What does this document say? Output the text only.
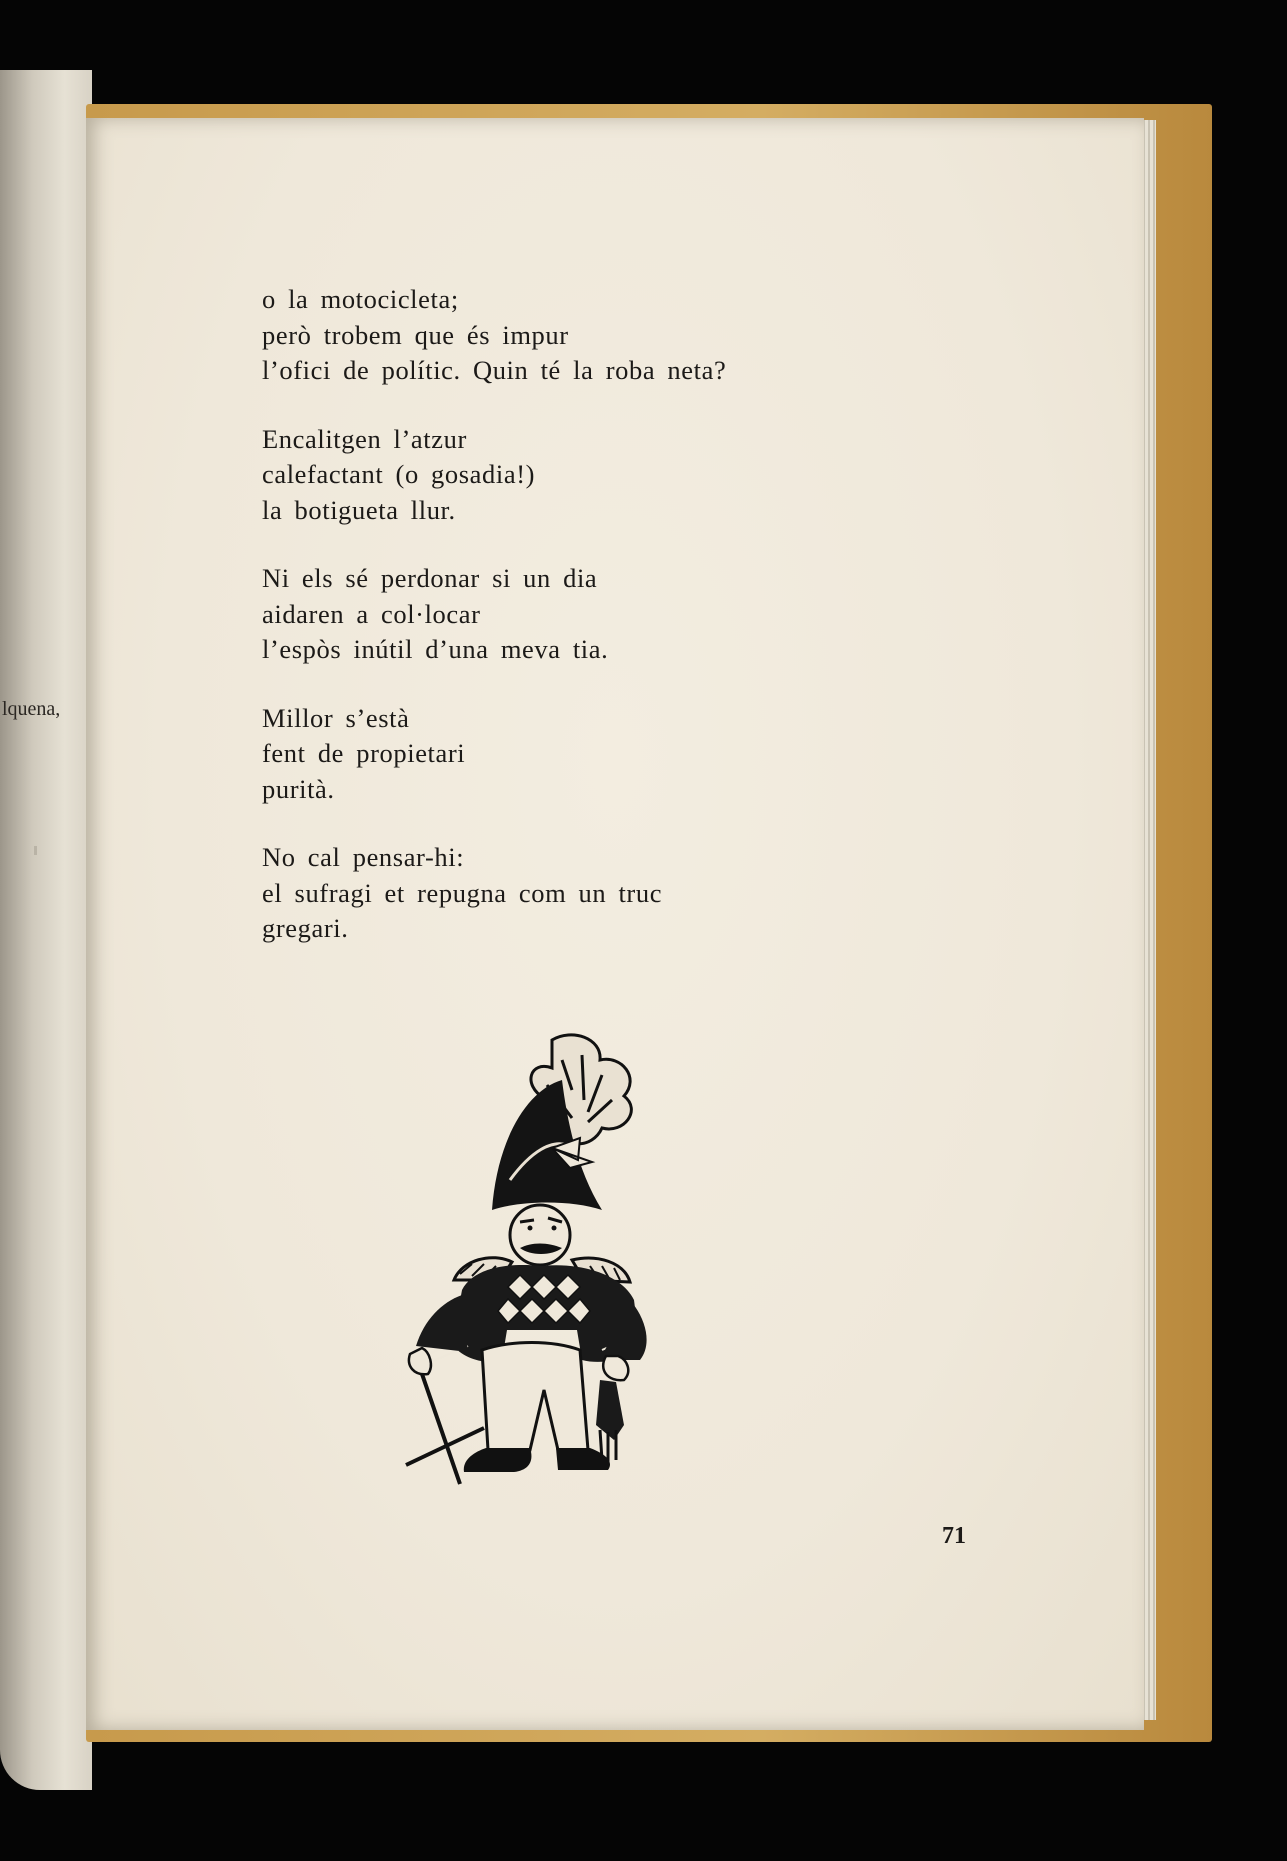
lquena,
o la motocicleta;
però trobem que és impur
l’ofici de polític. Quin té la roba neta?
Encalitgen l’atzur
calefactant (o gosadia!)
la botigueta llur.
Ni els sé perdonar si un dia
aidaren a col·locar
l’espòs inútil d’una meva tia.
Millor s’està
fent de propietari
purità.
No cal pensar-hi:
el sufragi et repugna com un truc
gregari.
71
